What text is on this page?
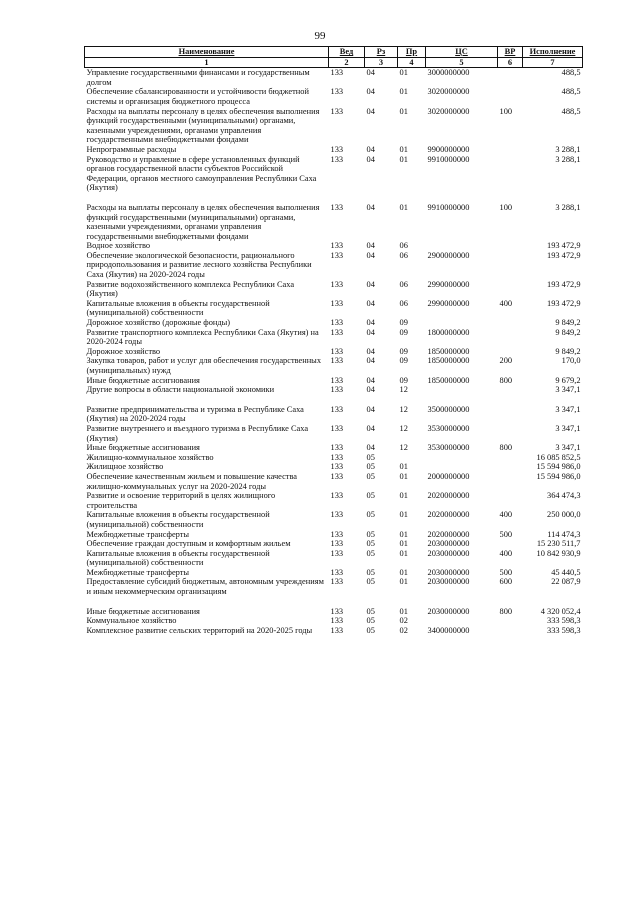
99
Наименование	Вед	Рз	Пр	ЦС	ВР	Исполнение
1	2	3	4	5	6	7
Управление государственными финансами и государственным долгом	133	04	01	3000000000		488,5
Обеспечение сбалансированности и устойчивости бюджетной системы и организация бюджетного процесса	133	04	01	3020000000		488,5
Расходы на выплаты персоналу в целях обеспечения выполнения функций государственными (муниципальными) органами, казенными учреждениями, органами управления государственными внебюджетными фондами	133	04	01	3020000000	100	488,5
Непрограммные расходы	133	04	01	9900000000		3 288,1
Руководство и управление в сфере установленных функций органов государственной власти субъектов Российской Федерации, органов местного самоуправления Республики Саха (Якутия)	133	04	01	9910000000		3 288,1

Расходы на выплаты персоналу в целях обеспечения выполнения функций государственными (муниципальными) органами, казенными учреждениями, органами управления государственными внебюджетными фондами	133	04	01	9910000000	100	3 288,1
Водное хозяйство	133	04	06			193 472,9
Обеспечение экологической безопасности, рационального природопользования и развитие лесного хозяйства Республики Саха (Якутия) на 2020-2024 годы	133	04	06	2900000000		193 472,9
Развитие водохозяйственного комплекса Республики Саха (Якутия)	133	04	06	2990000000		193 472,9
Капитальные вложения в объекты государственной (муниципальной) собственности	133	04	06	2990000000	400	193 472,9
Дорожное хозяйство (дорожные фонды)	133	04	09			9 849,2
Развитие транспортного комплекса Республики Саха (Якутия) на 2020-2024 годы	133	04	09	1800000000		9 849,2
Дорожное хозяйство	133	04	09	1850000000		9 849,2
Закупка товаров, работ и услуг для обеспечения государственных (муниципальных) нужд	133	04	09	1850000000	200	170,0
Иные бюджетные ассигнования	133	04	09	1850000000	800	9 679,2
Другие вопросы в области национальной экономики	133	04	12			3 347,1

Развитие предпринимательства и туризма в Республике Саха (Якутия) на 2020-2024 годы	133	04	12	3500000000		3 347,1
Развитие внутреннего и въездного туризма в Республике Саха (Якутия)	133	04	12	3530000000		3 347,1
Иные бюджетные ассигнования	133	04	12	3530000000	800	3 347,1
Жилищно-коммунальное хозяйство	133	05				16 085 852,5
Жилищное хозяйство	133	05	01			15 594 986,0
Обеспечение качественным жильем и повышение качества жилищно-коммунальных услуг на 2020-2024 годы	133	05	01	2000000000		15 594 986,0
Развитие и освоение территорий в целях жилищного строительства	133	05	01	2020000000		364 474,3
Капитальные вложения в объекты государственной (муниципальной) собственности	133	05	01	2020000000	400	250 000,0
Межбюджетные трансферты	133	05	01	2020000000	500	114 474,3
Обеспечение граждан доступным и комфортным жильем	133	05	01	2030000000		15 230 511,7
Капитальные вложения в объекты государственной (муниципальной) собственности	133	05	01	2030000000	400	10 842 930,9
Межбюджетные трансферты	133	05	01	2030000000	500	45 440,5
Предоставление субсидий бюджетным, автономным учреждениям и иным некоммерческим организациям	133	05	01	2030000000	600	22 087,9

Иные бюджетные ассигнования	133	05	01	2030000000	800	4 320 052,4
Коммунальное хозяйство	133	05	02			333 598,3
Комплексное развитие сельских территорий на 2020-2025 годы	133	05	02	3400000000		333 598,3
